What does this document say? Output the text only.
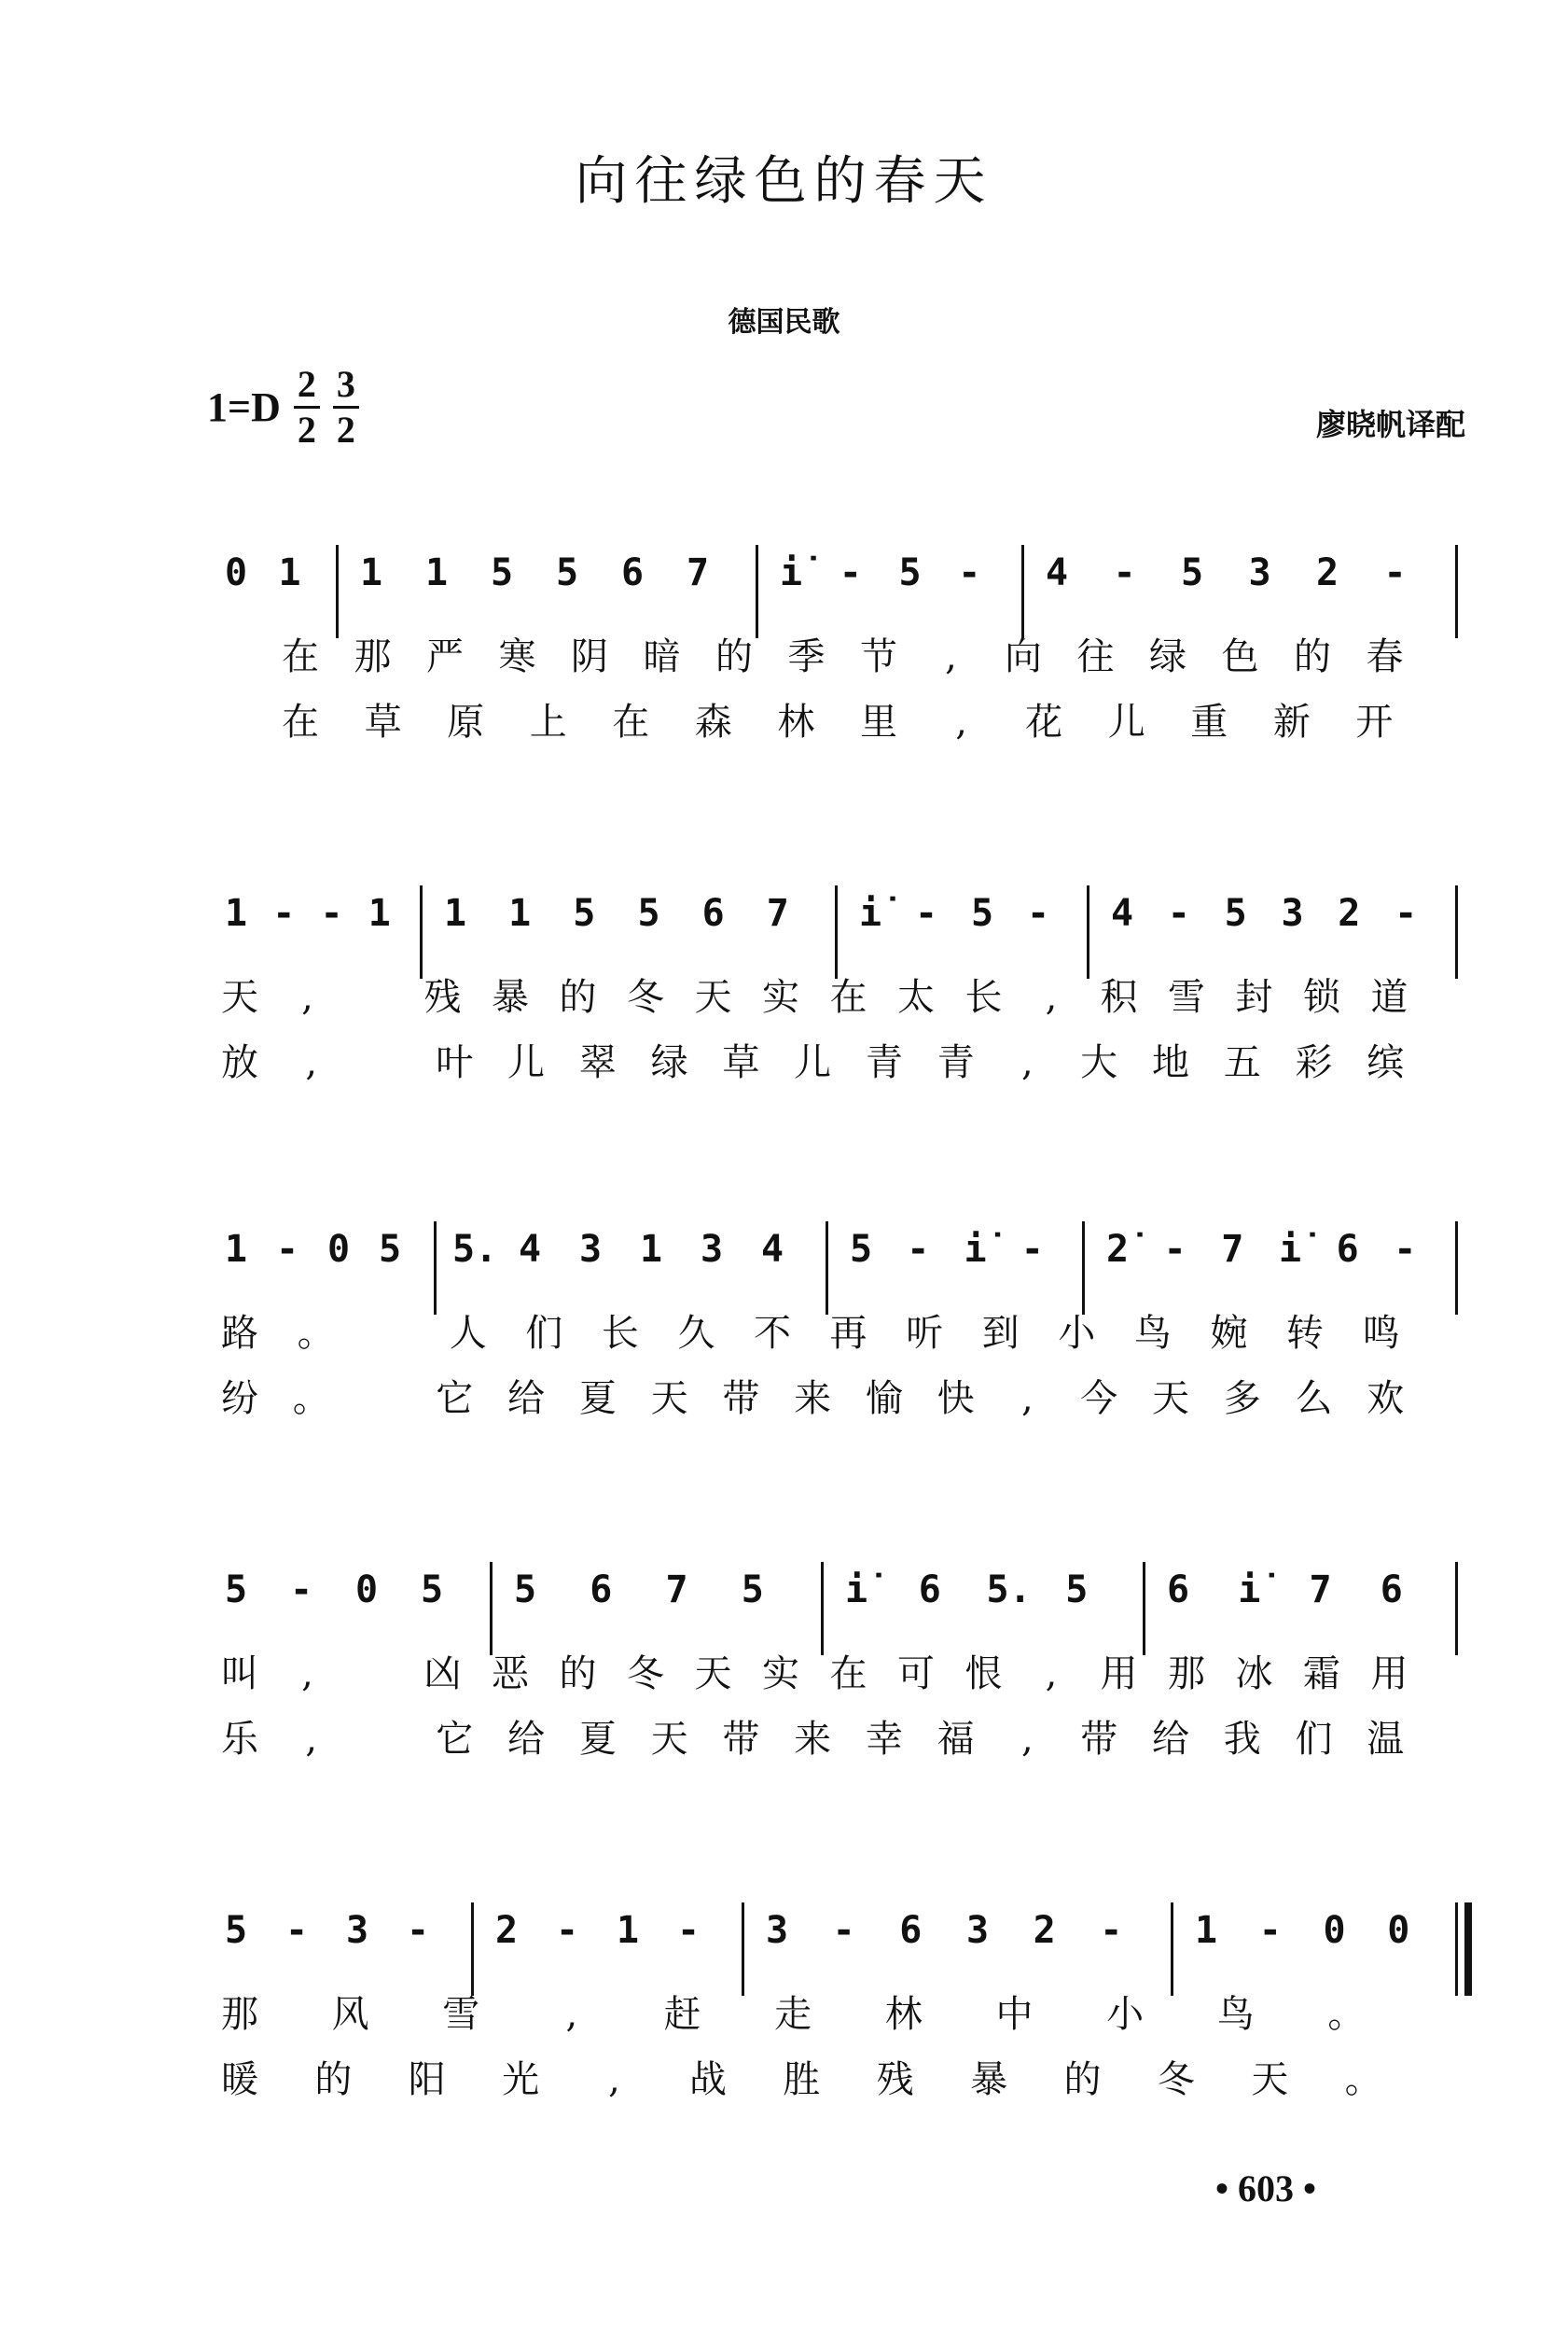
向往绿色的春天
德国民歌
$1=D \frac{2}{2} \frac{3}{2}$	廖晓帆译配
0 1 1 1 5 5 6 7 i̇ - 5 - 4 - 5 3 2 -
在 那 严 寒 阴 暗 的 季 节	,	向 往 绿 色 的 春
在 草 原 上 在 森 林 里	,	花 儿 重 新 开
1 - - 1 1 1 5 5 6 7 i̇ - 5 - 4 - 5 3 2 -
天	,	残 暴 的 冬 天 实 在 太 长	,	积 雪 封 锁 道
放	,	叶 儿 翠 绿 草 儿 青 青	,	大 地 五 彩 缤
1 - 0 5 5. 4 3 1 3 4 5 - i̇ - 2̇ - 7 i̇ 6 -
路 。	人 们 长 久 不 再 听 到 小 鸟 婉 转 鸣
纷 。	它 给 夏 天 带 来 愉 快	,	今 天 多 么 欢
5 - 0 5 5 6 7 5 i̇ 6 5. 5 6 i̇ 7 6
叫	,	凶 恶 的 冬 天 实 在 可 恨	,	用 那 冰 霜 用
乐	,	它 给 夏 天 带 来 幸 福	,	带 给 我 们 温
5 - 3 - 2 - 1 - 3 - 6 3 2 - 1 - 0 0
那 风 雪	,	赶 走 林 中 小 鸟 。
暖 的 阳 光	,	战 胜 残 暴 的 冬 天 。
• 603 •
